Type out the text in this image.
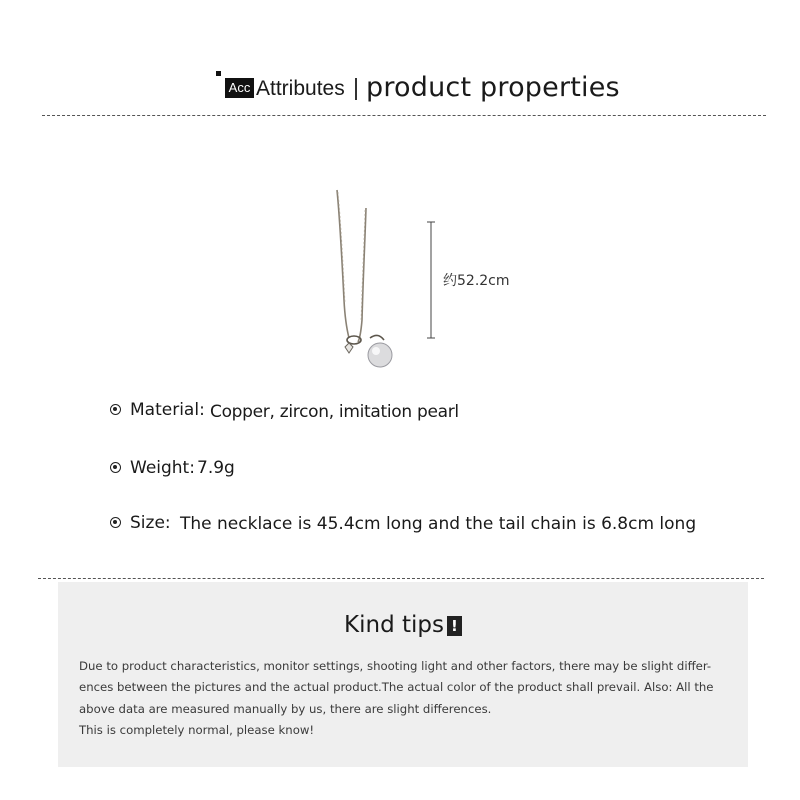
Acc Attributes product properties
约52.2cm
Material: Copper, zircon, imitation pearl
Weight: 7.9g
Size: The necklace is 45.4cm long and the tail chain is 6.8cm long
Kind tips !
Due to product characteristics, monitor settings, shooting light and other factors, there may be slight differ-
ences between the pictures and the actual product.The actual color of the product shall prevail. Also: All the
above data are measured manually by us, there are slight differences.
This is completely normal, please know!
